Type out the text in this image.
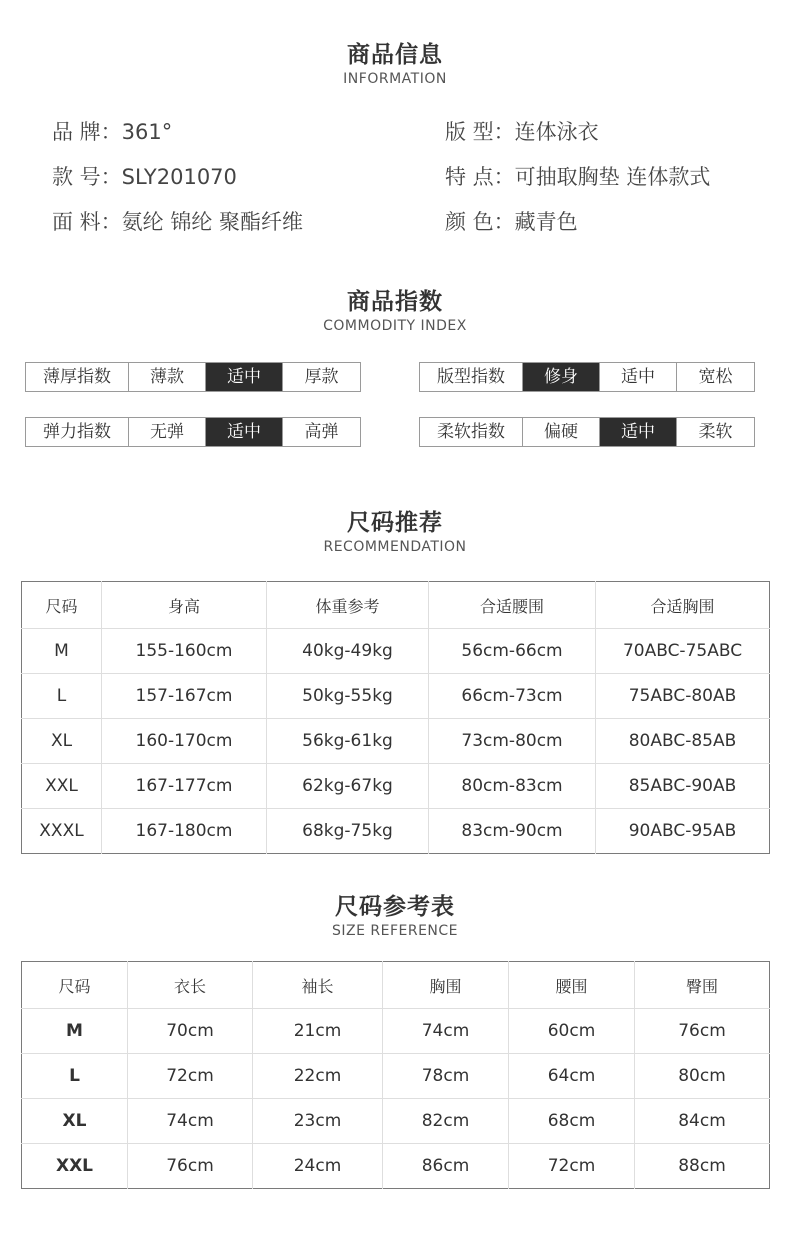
商品信息
INFORMATION
品 牌：361°	版 型：连体泳衣
款 号：SLY201070	特 点：可抽取胸垫 连体款式
面 料：氨纶 锦纶 聚酯纤维	颜 色：藏青色
商品指数
COMMODITY INDEX
薄厚指数	薄款	适中	厚款	版型指数	修身	适中	宽松
弹力指数	无弹	适中	高弹	柔软指数	偏硬	适中	柔软
尺码推荐
RECOMMENDATION
尺码	身高	体重参考	合适腰围	合适胸围
M	155-160cm	40kg-49kg	56cm-66cm	70ABC-75ABC
L	157-167cm	50kg-55kg	66cm-73cm	75ABC-80AB
XL	160-170cm	56kg-61kg	73cm-80cm	80ABC-85AB
XXL	167-177cm	62kg-67kg	80cm-83cm	85ABC-90AB
XXXL	167-180cm	68kg-75kg	83cm-90cm	90ABC-95AB
尺码参考表
SIZE REFERENCE
尺码	衣长	袖长	胸围	腰围	臀围
M	70cm	21cm	74cm	60cm	76cm
L	72cm	22cm	78cm	64cm	80cm
XL	74cm	23cm	82cm	68cm	84cm
XXL	76cm	24cm	86cm	72cm	88cm
